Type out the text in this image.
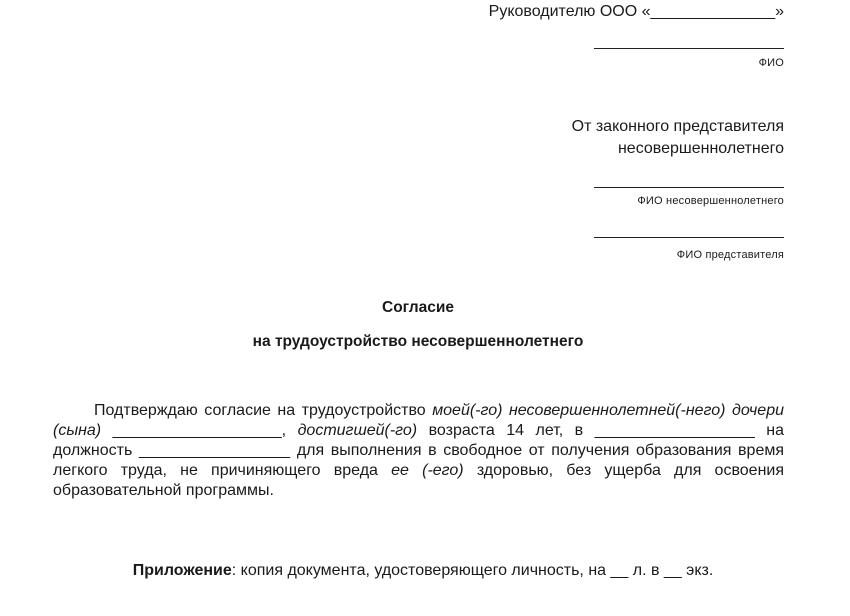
Руководителю ООО «______________»
ФИО
От законного представителя
несовершеннолетнего
ФИО несовершеннолетнего
ФИО представителя
Согласие
на трудоустройство несовершеннолетнего

Подтверждаю согласие на трудоустройство моей(-го) несовершеннолетней(-него) дочери (сына) ___________________, достигшей(-го) возраста 14 лет, в __________________ на должность _________________ для выполнения в свободное от получения образования время легкого труда, не причиняющего вреда ее (-его) здоровью, без ущерба для освоения образовательной программы.

Приложение: копия документа, удостоверяющего личность, на __ л. в __ экз.
